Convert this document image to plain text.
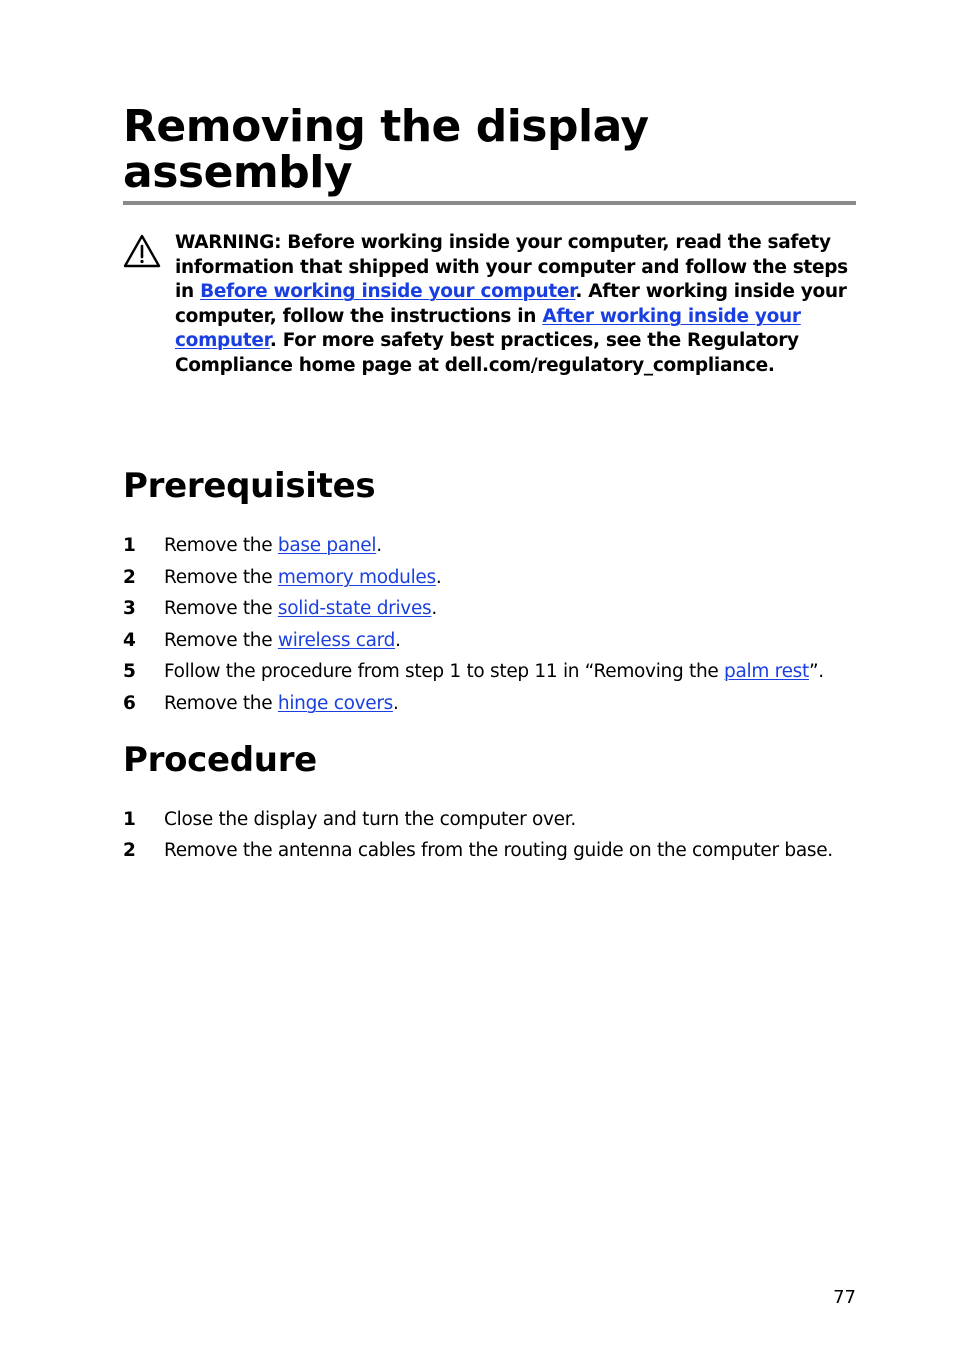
Removing the display assembly

WARNING: Before working inside your computer, read the safety information that shipped with your computer and follow the steps in Before working inside your computer. After working inside your computer, follow the instructions in After working inside your computer. For more safety best practices, see the Regulatory Compliance home page at dell.com/regulatory_compliance.

Prerequisites
1 Remove the base panel.
2 Remove the memory modules.
3 Remove the solid-state drives.
4 Remove the wireless card.
5 Follow the procedure from step 1 to step 11 in “Removing the palm rest”.
6 Remove the hinge covers.
Procedure
1 Close the display and turn the computer over.
2 Remove the antenna cables from the routing guide on the computer base.
77
